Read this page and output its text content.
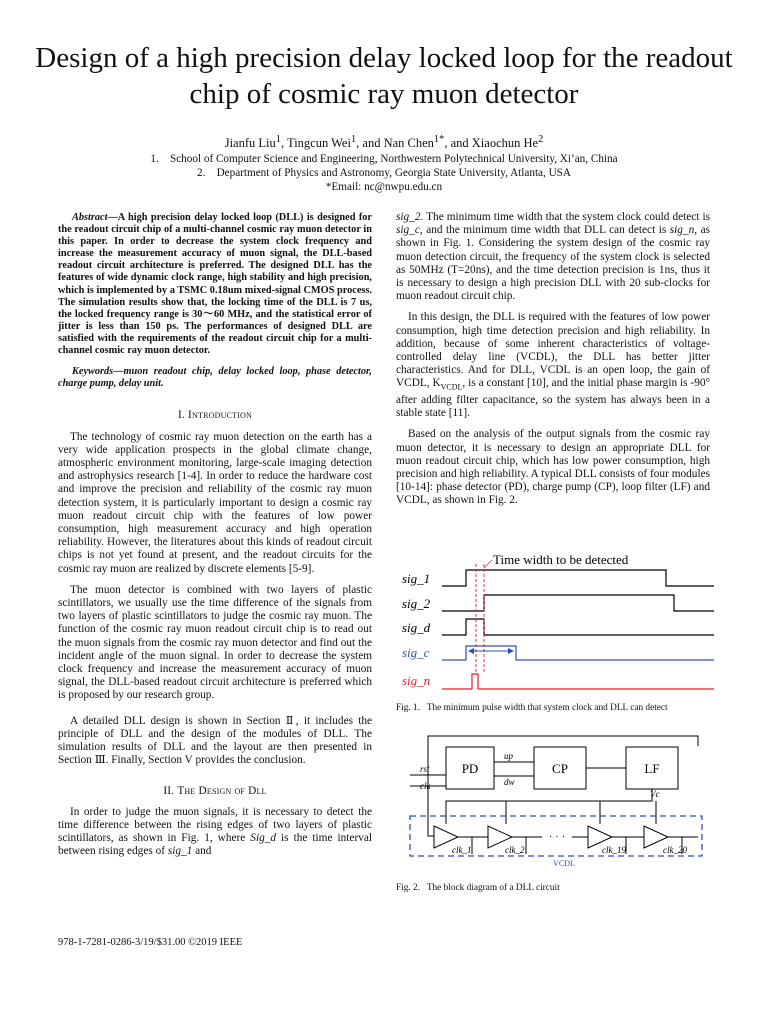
Design of a high precision delay locked loop for the readout chip of cosmic ray muon detector
Jianfu Liu$^1$, Tingcun Wei$^1$, and Nan Chen$^{1*}$, and Xiaochun He$^2$
1.    School of Computer Science and Engineering, Northwestern Polytechnical University, Xi’an, China
2.    Department of Physics and Astronomy, Georgia State University, Atlanta, USA
*Email: nc@nwpu.edu.cn
Abstract—A high precision delay locked loop (DLL) is designed for the readout circuit chip of a multi-channel cosmic ray muon detector in this paper. In order to decrease the system clock frequency and increase the measurement accuracy of muon signal, the DLL-based readout circuit architecture is preferred. The designed DLL has the features of wide dynamic clock range, high stability and high precision, which is implemented by a TSMC 0.18um mixed-signal CMOS process. The simulation results show that, the locking time of the DLL is 7 us, the locked frequency range is 30～60 MHz, and the statistical error of jitter is less than 150 ps. The performances of designed DLL are satisfied with the requirements of the readout circuit chip for a multi-channel cosmic ray muon detector.
Keywords—muon readout chip, delay locked loop, phase detector, charge pump, delay unit.
I. Introduction

The technology of cosmic ray muon detection on the earth has a very wide application prospects in the global climate change, atmospheric environment monitoring, large-scale imaging detection and astrophysics research [1-4]. In order to reduce the hardware cost and improve the precision and reliability of the cosmic ray muon detection system, it is particularly important to design a cosmic ray muon readout circuit chip with the features of low power consumption, high measurement accuracy and high operation reliability. However, the literatures about this kinds of readout circuit chips is not yet found at present, and the readout circuits for the cosmic ray muon are realized by discrete elements [5-9].

The muon detector is combined with two layers of plastic scintillators, we usually use the time difference of the signals from two layers of plastic scintillators to judge the cosmic ray muon. The function of the cosmic ray muon readout circuit chip is to read out the muon signals from the cosmic ray muon detector and find out the incident angle of the muon signal. In order to decrease the system clock frequency and increase the measurement accuracy of muon signal, the DLL-based readout circuit architecture is preferred which is proposed by our research group.

A detailed DLL design is shown in Section Ⅱ, it includes the principle of DLL and the design of the modules of DLL. The simulation results of DLL and the layout are then presented in Section Ⅲ. Finally, Section V provides the conclusion.

II. The Design of Dll

In order to judge the muon signals, it is necessary to detect the time difference between the rising edges of two layers of plastic scintillators, as shown in Fig. 1, where Sig_d is the time interval between rising edges of sig_1 and

978-1-7281-0286-3/19/$31.00 ©2019 IEEE

sig_2. The minimum time width that the system clock could detect is sig_c, and the minimum time width that DLL can detect is sig_n, as shown in Fig. 1. Considering the system design of the cosmic ray muon detection circuit, the frequency of the system clock is selected as 50MHz (T=20ns), and the time detection precision is 1ns, thus it is necessary to design a high precision DLL with 20 sub-clocks for muon readout circuit chip.

In this design, the DLL is required with the features of low power consumption, high time detection precision and high reliability. In addition, because of some inherent characteristics of voltage-controlled delay line (VCDL), the DLL has better jitter characteristics. And for DLL, VCDL is an open loop, the gain of VCDL, $K_{VCDL}$, is a constant [10], and the initial phase margin is -90° after adding filter capacitance, so the system has always been in a stable state [11].

Based on the analysis of the output signals from the cosmic ray muon detector, it is necessary to design an appropriate DLL for muon readout circuit chip, which has low power consumption, high precision and high reliability. A typical DLL consists of four modules [10-14]: phase detector (PD), charge pump (CP), loop filter (LF) and VCDL, as shown in Fig. 2.

Time width to be detected
sig_1
sig_2
sig_d
sig_c
sig_n
Fig. 1.   The minimum pulse width that system clock and DLL can detect
rst
clk
PD	CP	LF
up
dw
Vc
VCDL
· · ·
clk_1	clk_2	clk_19	clk_20
Fig. 2.   The block diagram of a DLL circuit
